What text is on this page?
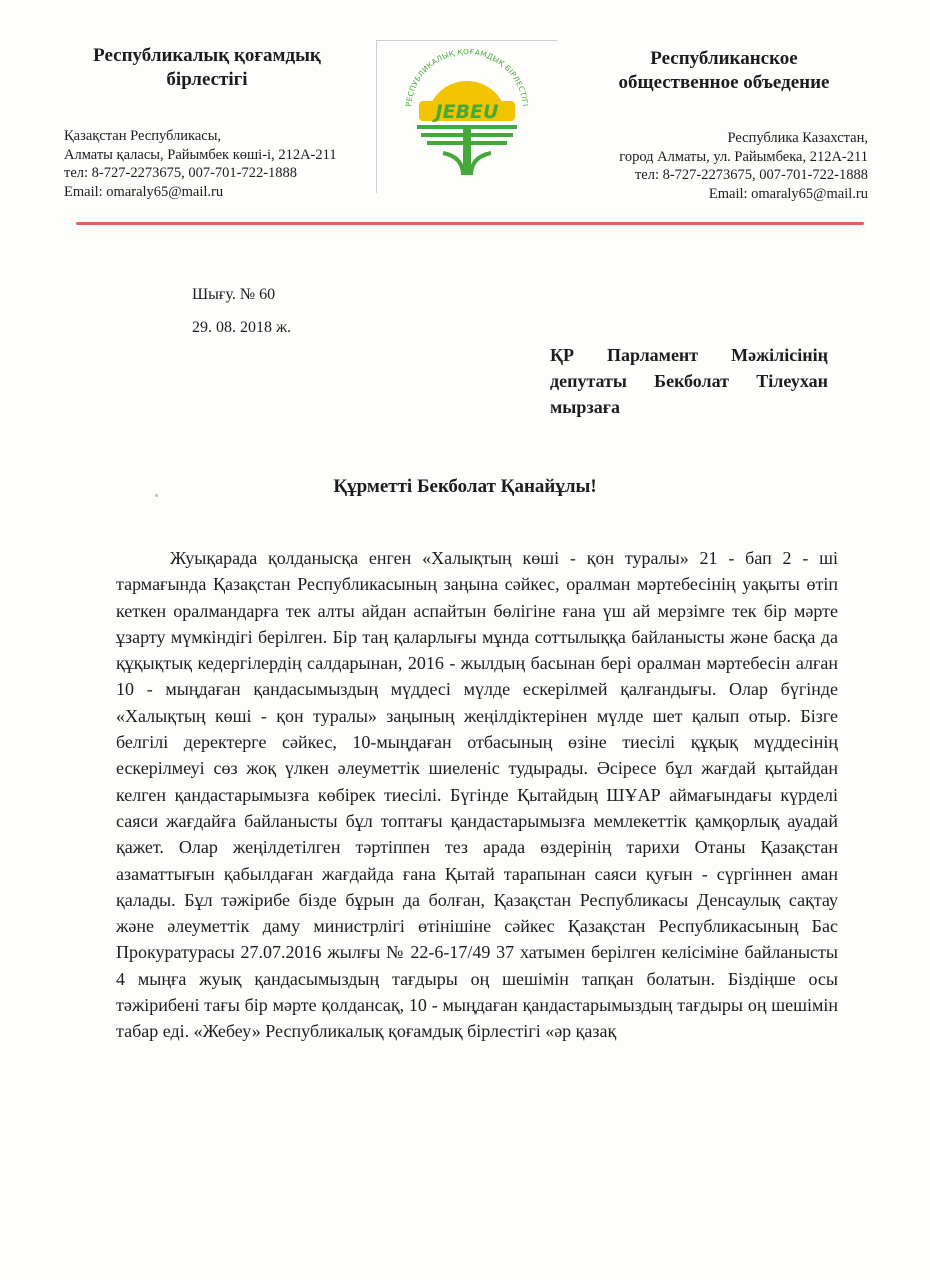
Республикалық қоғамдық бірлестігі

Қазақстан Республикасы,
Алматы қаласы, Райымбек көші-і, 212А-211
тел: 8-727-2273675, 007-701-722-1888
Email: omaraly65@mail.ru
РЕСПУБЛИКАЛЫҚ ҚОҒАМДЫҚ БІРЛЕСТІГІ
JEBEU

Республиканское общественное объедение

Республика Казахстан,
город Алматы, ул. Райымбека, 212А-211
тел: 8-727-2273675, 007-701-722-1888
Email: omaraly65@mail.ru
Шығу. № 60
29. 08. 2018 ж.
ҚР Парламент Мәжілісінің
депутаты Бекболат Тілеухан
мырзаға
Құрметті Бекболат Қанайұлы!
Жуықарада қолданысқа енген «Халықтың көші - қон туралы» 21 - бап 2 - ші тармағында Қазақстан Республикасының заңына сәйкес, оралман мәртебесінің уақыты өтіп кеткен оралмандарға тек алты айдан аспайтын бөлігіне ғана үш ай мерзімге тек бір мәрте ұзарту мүмкіндігі берілген. Бір таң қаларлығы мұнда соттылыққа байланысты және басқа да құқықтық кедергілердің салдарынан, 2016 - жылдың басынан бері оралман мәртебесін алған 10 - мыңдаған қандасымыздың мүддесі мүлде ескерілмей қалғандығы. Олар бүгінде «Халықтың көші - қон туралы» заңының жеңілдіктерінен мүлде шет қалып отыр. Бізге белгілі деректерге сәйкес, 10-мыңдаған отбасының өзіне тиесілі құқық мүддесінің ескерілмеуі сөз жоқ үлкен әлеуметтік шиеленіс тудырады. Әсіресе бұл жағдай қытайдан келген қандастарымызға көбірек тиесілі. Бүгінде Қытайдың ШҰАР аймағындағы күрделі саяси жағдайға байланысты бұл топтағы қандастарымызға мемлекеттік қамқорлық ауадай қажет. Олар жеңілдетілген тәртіппен тез арада өздерінің тарихи Отаны Қазақстан азаматтығын қабылдаған жағдайда ғана Қытай тарапынан саяси қуғын - сүргіннен аман қалады. Бұл тәжірибе бізде бұрын да болған, Қазақстан Республикасы Денсаулық сақтау және әлеуметтік даму министрлігі өтінішіне сәйкес Қазақстан Республикасының Бас Прокуратурасы 27.07.2016 жылғы № 22-6-17/49 37 хатымен берілген келісіміне байланысты 4 мыңға жуық қандасымыздың тағдыры оң шешімін тапқан болатын. Біздіңше осы тәжірибені тағы бір мәрте қолдансақ, 10 - мыңдаған қандастарымыздың тағдыры оң шешімін табар еді. «Жебеу» Республикалық қоғамдық бірлестігі «әр қазақ
